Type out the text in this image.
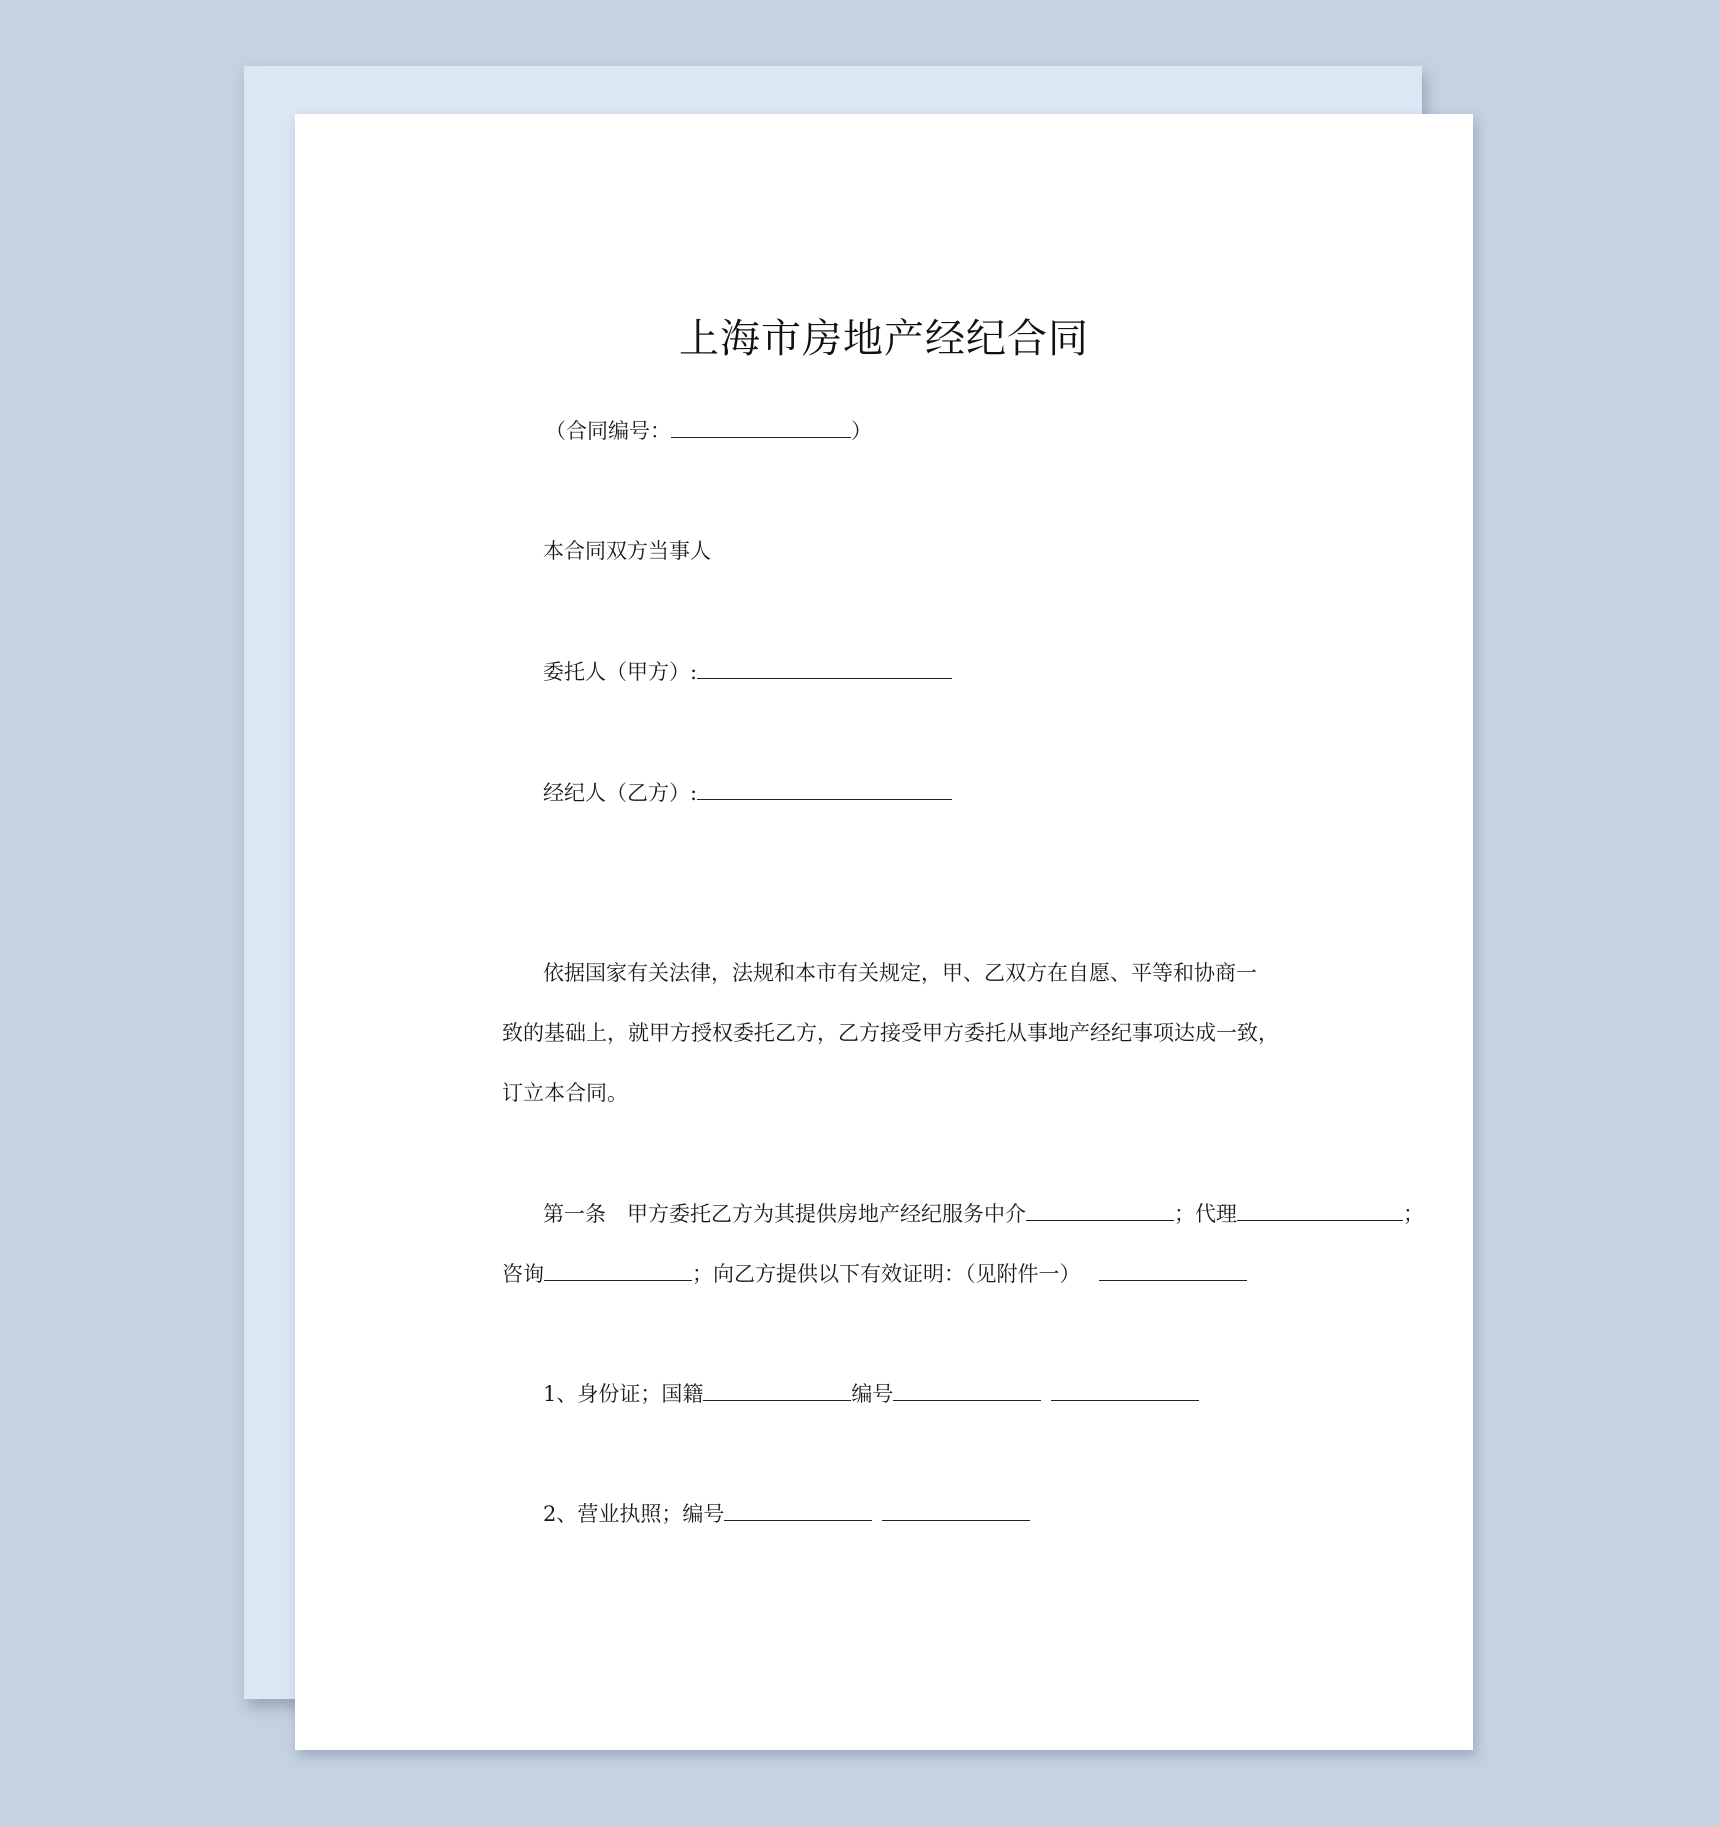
上海市房地产经纪合同
（合同编号：	）
本合同双方当事人
委托人（甲方）:
经纪人（乙方）:
依据国家有关法律，法规和本市有关规定，甲、乙双方在自愿、平等和协商一
致的基础上，就甲方授权委托乙方，乙方接受甲方委托从事地产经纪事项达成一致，
订立本合同。
第一条　甲方委托乙方为其提供房地产经纪服务中介	；代理	；
咨询	；向乙方提供以下有效证明：（见附件一）
1、身份证；国籍	编号
2、营业执照；编号
